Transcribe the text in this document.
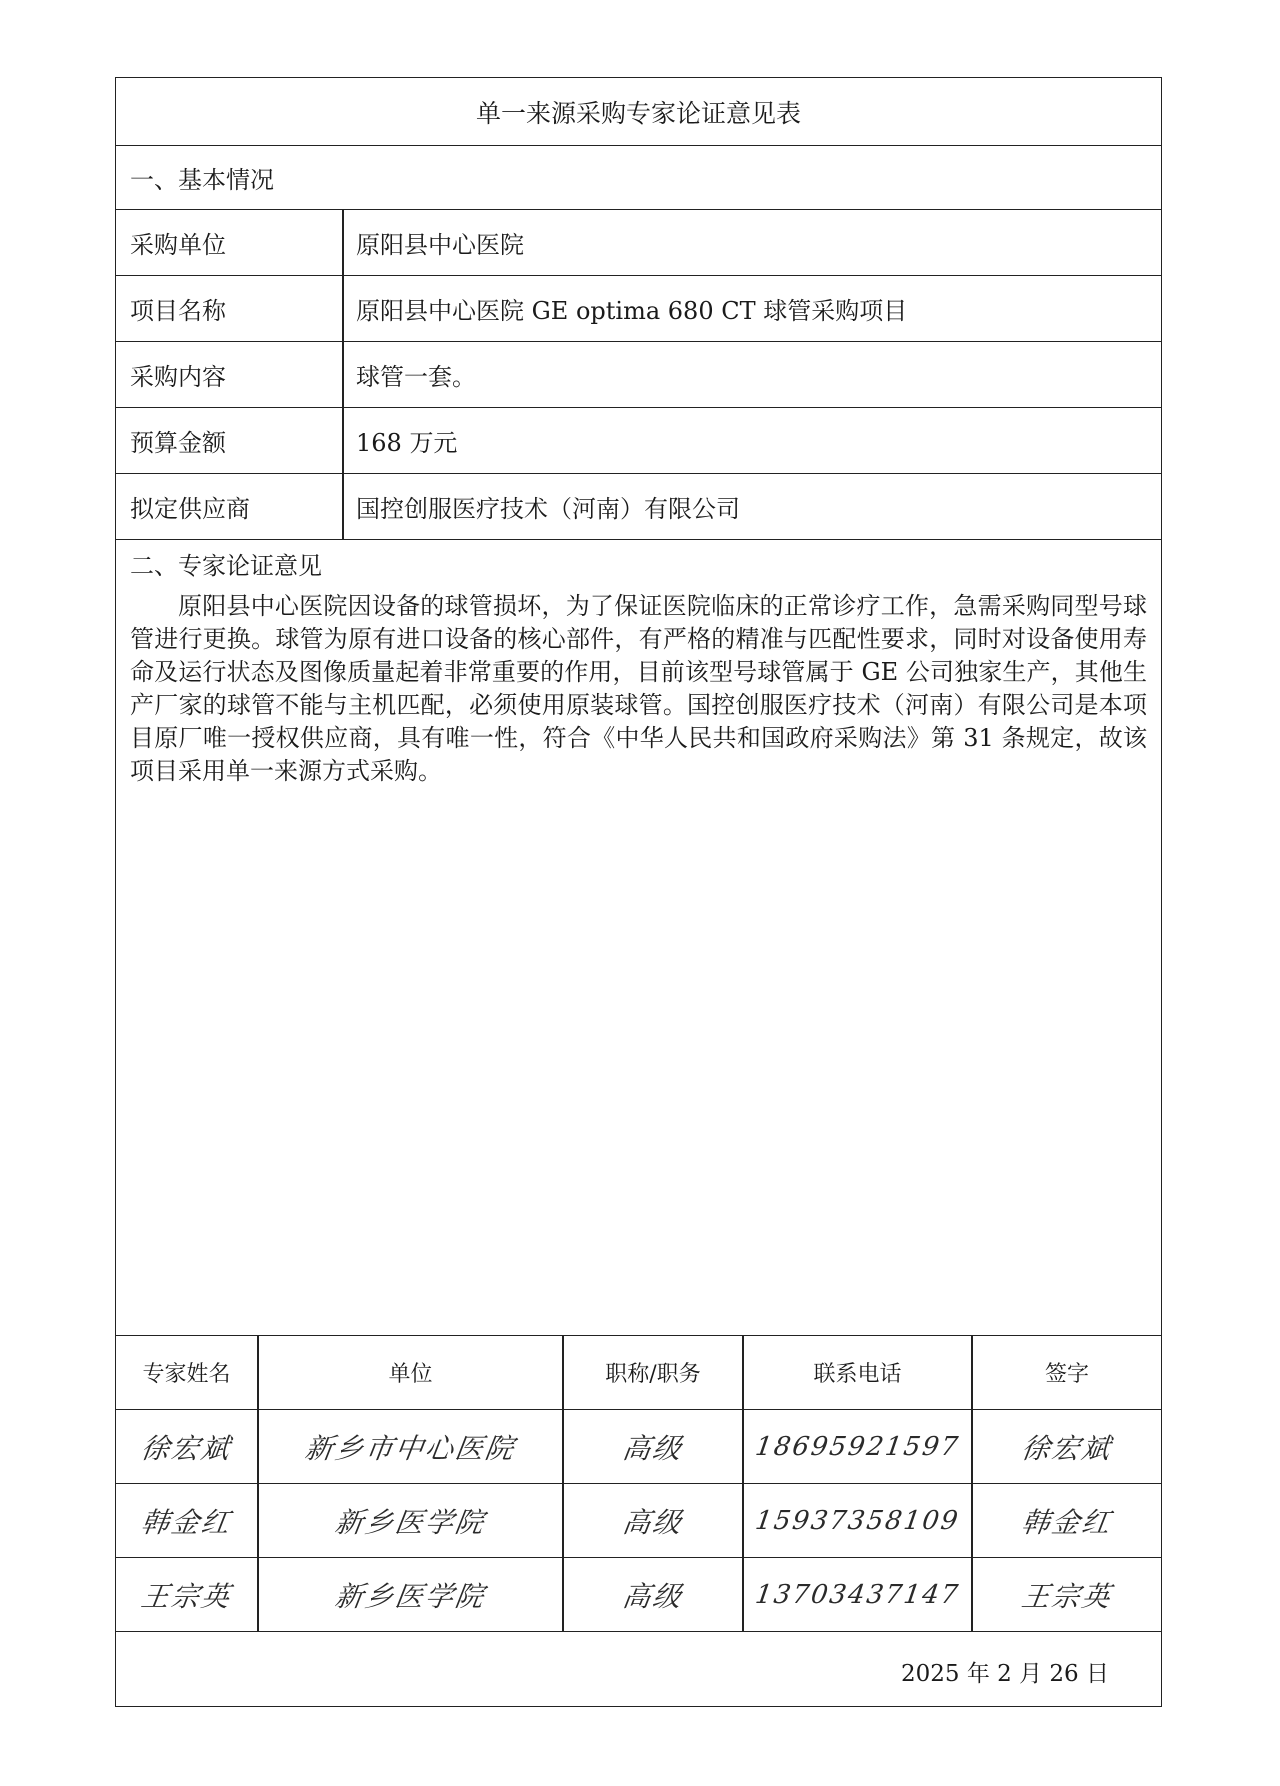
单一来源采购专家论证意见表
一、基本情况
采购单位	原阳县中心医院
项目名称	原阳县中心医院 GE optima 680 CT 球管采购项目
采购内容	球管一套。
预算金额	168 万元
拟定供应商	国控创服医疗技术（河南）有限公司
二、专家论证意见
原阳县中心医院因设备的球管损坏，为了保证医院临床的正常诊疗工作，急需采购同型号球管进行更换。球管为原有进口设备的核心部件，有严格的精准与匹配性要求，同时对设备使用寿命及运行状态及图像质量起着非常重要的作用，目前该型号球管属于 GE 公司独家生产，其他生产厂家的球管不能与主机匹配，必须使用原装球管。国控创服医疗技术（河南）有限公司是本项目原厂唯一授权供应商，具有唯一性，符合《中华人民共和国政府采购法》第 31 条规定，故该项目采用单一来源方式采购。
专家姓名	单位	职称/职务	联系电话	签字
徐宏斌	新乡市中心医院	高级	18695921597	徐宏斌
韩金红	新乡医学院	高级	15937358109	韩金红
王宗英	新乡医学院	高级	13703437147	王宗英
2025 年 2 月 26 日
